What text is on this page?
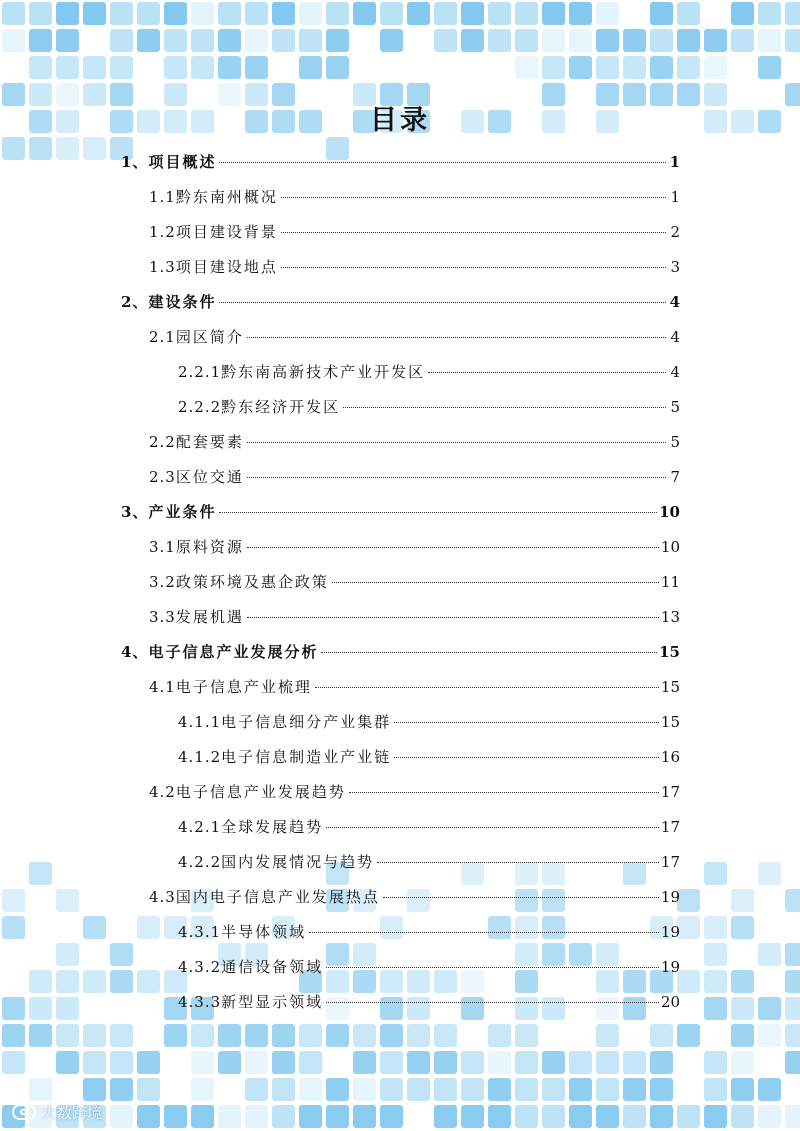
目录
1、 项目概述	1
1.1 黔东南州概况	1
1.2 项目建设背景	2
1.3 项目建设地点	3
2、 建设条件	4
2.1 园区简介	4
2.2.1 黔东南高新技术产业开发区	4
2.2.2 黔东经济开发区	5
2.2 配套要素	5
2.3 区位交通	7
3、 产业条件	10
3.1 原料资源	10
3.2 政策环境及惠企政策	11
3.3 发展机遇	13
4、 电子信息产业发展分析	15
4.1 电子信息产业梳理	15
4.1.1 电子信息细分产业集群	15
4.1.2 电子信息制造业产业链	16
4.2 电子信息产业发展趋势	17
4.2.1 全球发展趋势	17
4.2.2 国内发展情况与趋势	17
4.3 国内电子信息产业发展热点	19
4.3.1 半导体领域	19
4.3.2 通信设备领域	19
4.3.3 新型显示领域	20
大数跨境
